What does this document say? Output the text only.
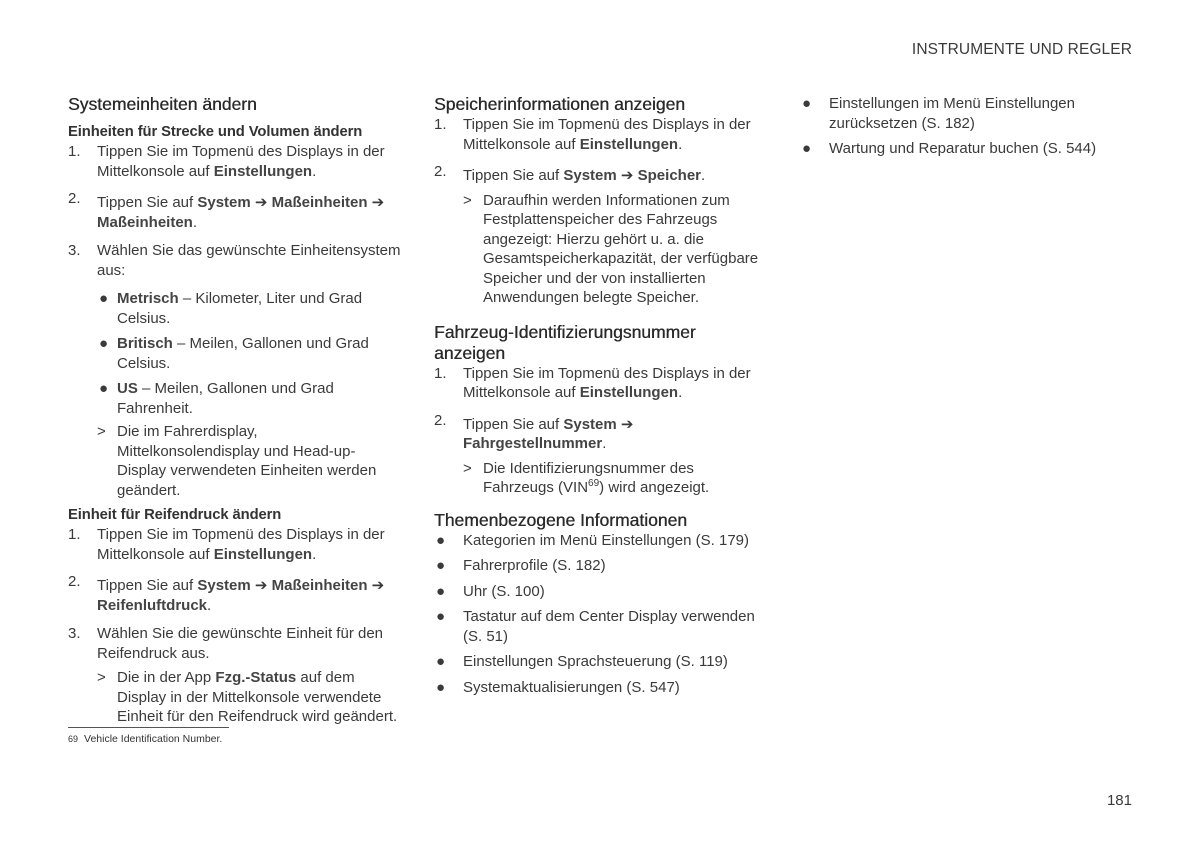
INSTRUMENTE UND REGLER
Systemeinheiten ändern
Einheiten für Strecke und Volumen ändern
1. Tippen Sie im Topmenü des Displays in der Mittelkonsole auf Einstellungen.
2. Tippen Sie auf System ➔ Maßeinheiten ➔ Maßeinheiten.
3. Wählen Sie das gewünschte Einheitensystem aus:
● Metrisch – Kilometer, Liter und Grad Celsius.
● Britisch – Meilen, Gallonen und Grad Celsius.
● US – Meilen, Gallonen und Grad Fahrenheit.
> Die im Fahrerdisplay, Mittelkonsolendisplay und Head-up-Display verwendeten Einheiten werden geändert.
Einheit für Reifendruck ändern
1. Tippen Sie im Topmenü des Displays in der Mittelkonsole auf Einstellungen.
2. Tippen Sie auf System ➔ Maßeinheiten ➔ Reifenluftdruck.
3. Wählen Sie die gewünschte Einheit für den Reifendruck aus.
> Die in der App Fzg.-Status auf dem Display in der Mittelkonsole verwendete Einheit für den Reifendruck wird geändert.
Speicherinformationen anzeigen
1. Tippen Sie im Topmenü des Displays in der Mittelkonsole auf Einstellungen.
2. Tippen Sie auf System ➔ Speicher.
> Daraufhin werden Informationen zum Festplattenspeicher des Fahrzeugs angezeigt: Hierzu gehört u. a. die Gesamtspeicherkapazität, der verfügbare Speicher und der von installierten Anwendungen belegte Speicher.
Fahrzeug-Identifizierungsnummer anzeigen
1. Tippen Sie im Topmenü des Displays in der Mittelkonsole auf Einstellungen.
2. Tippen Sie auf System ➔
Fahrgestellnummer.
> Die Identifizierungsnummer des Fahrzeugs (VIN$^{69}$) wird angezeigt.
Themenbezogene Informationen
● Kategorien im Menü Einstellungen (S. 179)
● Fahrerprofile (S. 182)
● Uhr (S. 100)
● Tastatur auf dem Center Display verwenden (S. 51)
● Einstellungen Sprachsteuerung (S. 119)
● Systemaktualisierungen (S. 547)
● Einstellungen im Menü Einstellungen zurücksetzen (S. 182)
● Wartung und Reparatur buchen (S. 544)
69 Vehicle Identification Number.
181
